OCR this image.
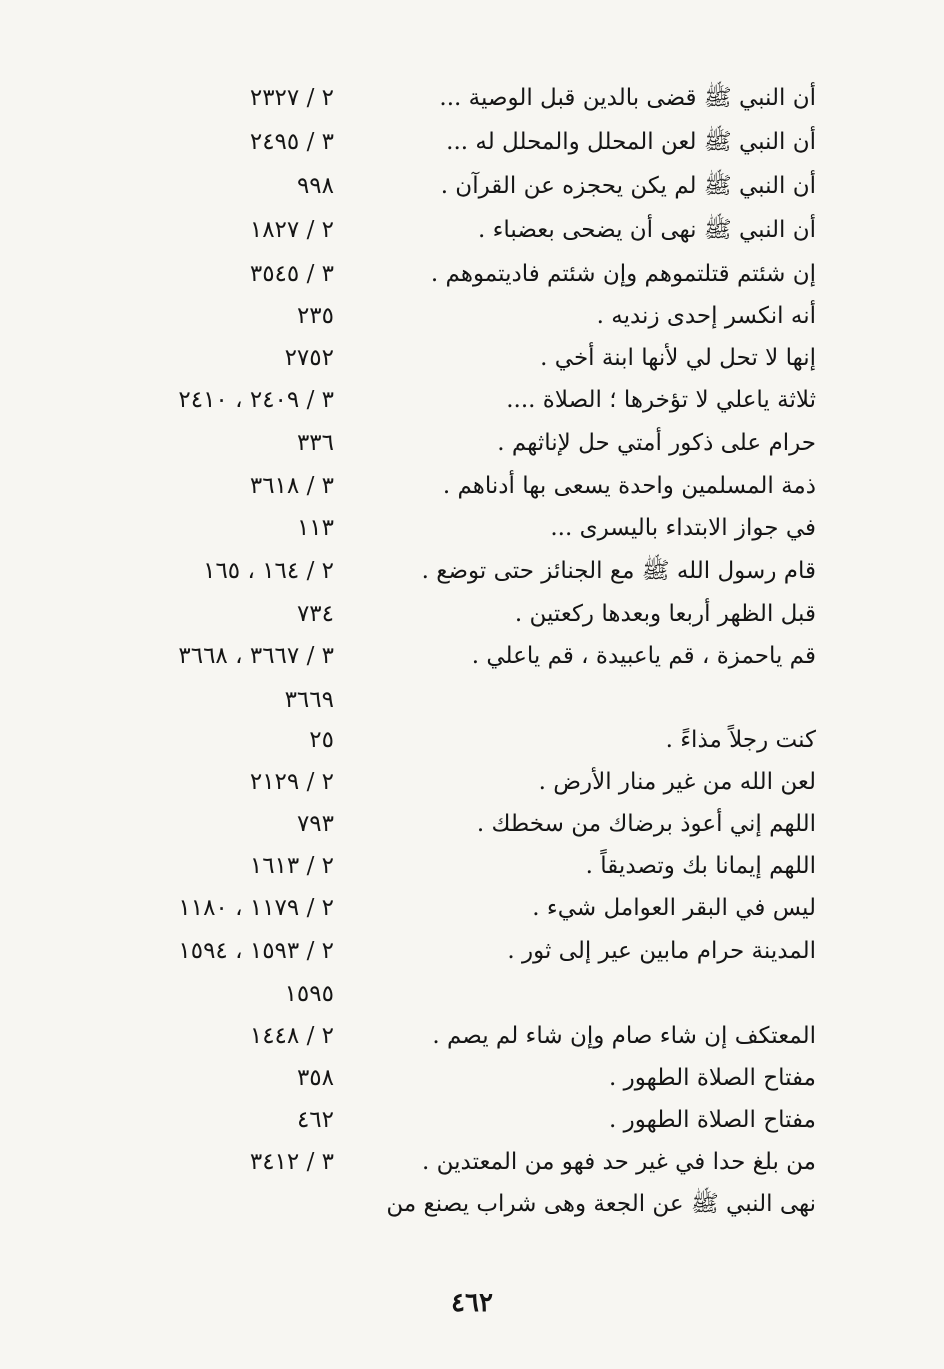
أن النبي ﷺ قضى بالدين قبل الوصية ...
٢ / ٢٣٢٧
أن النبي ﷺ لعن المحلل والمحلل له ...
٣ / ٢٤٩٥
أن النبي ﷺ لم يكن يحجزه عن القرآن .
٩٩٨
أن النبي ﷺ نهى أن يضحى بعضباء .
٢ / ١٨٢٧
إن شئتم قتلتموهم وإن شئتم فاديتموهم .
٣ / ٣٥٤٥
أنه انكسر إحدى زنديه .
٢٣٥
إنها لا تحل لي لأنها ابنة أخي .
٢٧٥٢
ثلاثة ياعلي لا تؤخرها ؛ الصلاة ....
٣ / ٢٤٠٩ ، ٢٤١٠
حرام على ذكور أمتي حل لإناثهم .
٣٣٦
ذمة المسلمين واحدة يسعى بها أدناهم .
٣ / ٣٦١٨
في جواز الابتداء باليسرى ...
١١٣
قام رسول الله ﷺ مع الجنائز حتى توضع .
٢ / ١٦٤ ، ١٦٥
قبل الظهر أربعا وبعدها ركعتين .
٧٣٤
قم ياحمزة ، قم ياعبيدة ، قم ياعلي .
٣ / ٣٦٦٧ ، ٣٦٦٨
٣٦٦٩
كنت رجلاً مذاءً .
٢٥
لعن الله من غير منار الأرض .
٢ / ٢١٢٩
اللهم إني أعوذ برضاك من سخطك .
٧٩٣
اللهم إيمانا بك وتصديقاً .
٢ / ١٦١٣
ليس في البقر العوامل شيء .
٢ / ١١٧٩ ، ١١٨٠
المدينة حرام مابين عير إلى ثور .
٢ / ١٥٩٣ ، ١٥٩٤
١٥٩٥
المعتكف إن شاء صام وإن شاء لم يصم .
٢ / ١٤٤٨
مفتاح الصلاة الطهور .
٣٥٨
مفتاح الصلاة الطهور .
٤٦٢
من بلغ حدا في غير حد فهو من المعتدين .
٣ / ٣٤١٢
نهى النبي ﷺ عن الجعة وهى شراب يصنع من
٤٦٢
